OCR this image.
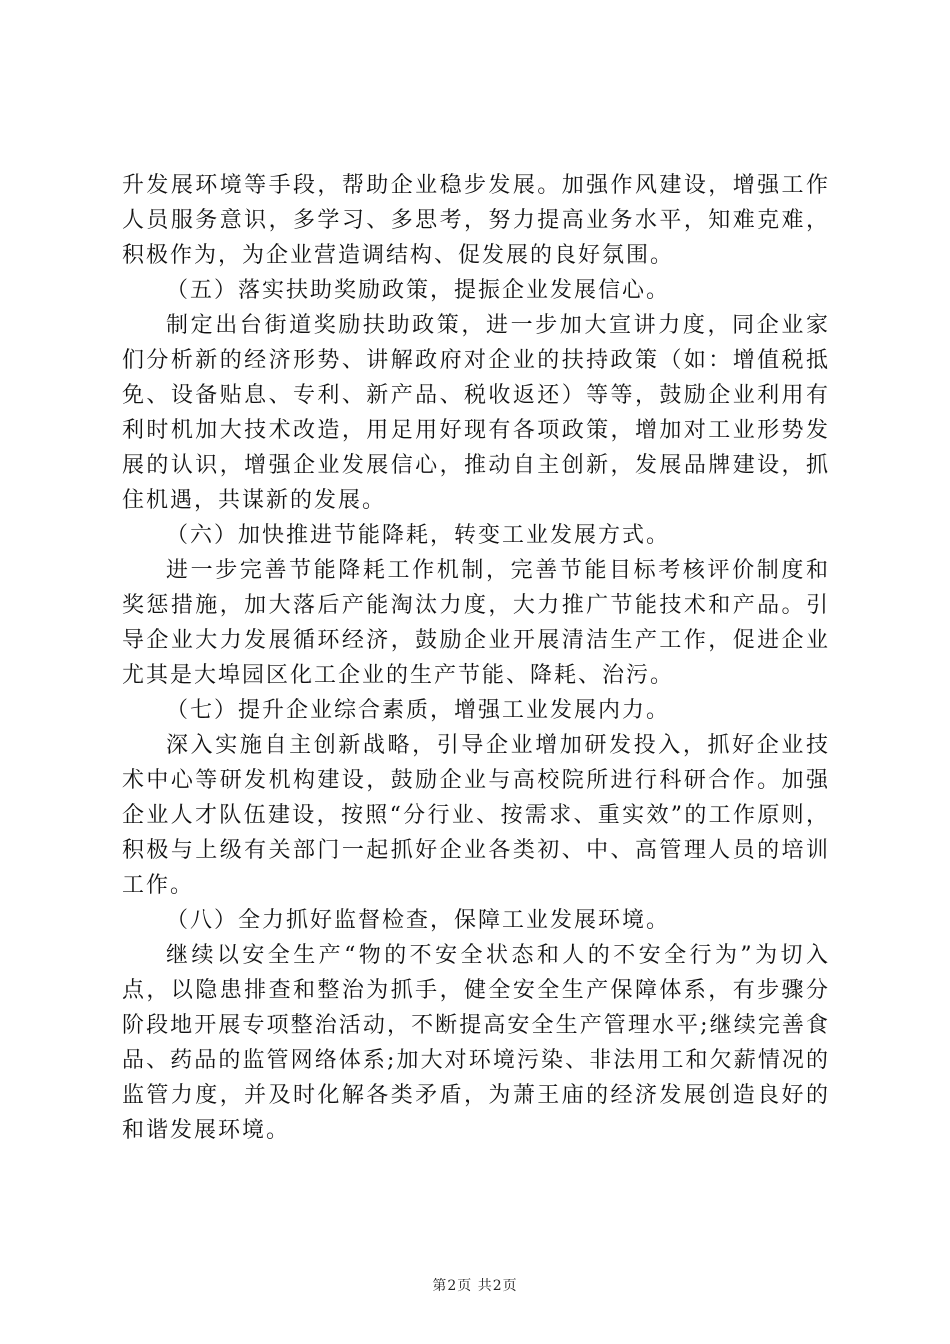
升发展环境等手段，帮助企业稳步发展。加强作风建设，增强工作人员服务意识，多学习、多思考，努力提高业务水平，知难克难，积极作为，为企业营造调结构、促发展的良好氛围。

（五）落实扶助奖励政策，提振企业发展信心。

制定出台街道奖励扶助政策，进一步加大宣讲力度，同企业家们分析新的经济形势、讲解政府对企业的扶持政策（如：增值税抵免、设备贴息、专利、新产品、税收返还）等等，鼓励企业利用有利时机加大技术改造，用足用好现有各项政策，增加对工业形势发展的认识，增强企业发展信心，推动自主创新，发展品牌建设，抓住机遇，共谋新的发展。

（六）加快推进节能降耗，转变工业发展方式。

进一步完善节能降耗工作机制，完善节能目标考核评价制度和奖惩措施，加大落后产能淘汰力度，大力推广节能技术和产品。引导企业大力发展循环经济，鼓励企业开展清洁生产工作，促进企业尤其是大埠园区化工企业的生产节能、降耗、治污。

（七）提升企业综合素质，增强工业发展内力。

深入实施自主创新战略，引导企业增加研发投入，抓好企业技术中心等研发机构建设，鼓励企业与高校院所进行科研合作。加强企业人才队伍建设，按照“分行业、按需求、重实效”的工作原则，积极与上级有关部门一起抓好企业各类初、中、高管理人员的培训工作。

（八）全力抓好监督检查，保障工业发展环境。

继续以安全生产“物的不安全状态和人的不安全行为”为切入点，以隐患排查和整治为抓手，健全安全生产保障体系，有步骤分阶段地开展专项整治活动，不断提高安全生产管理水平;继续完善食品、药品的监管网络体系;加大对环境污染、非法用工和欠薪情况的监管力度，并及时化解各类矛盾，为萧王庙的经济发展创造良好的和谐发展环境。

第2页 共2页
